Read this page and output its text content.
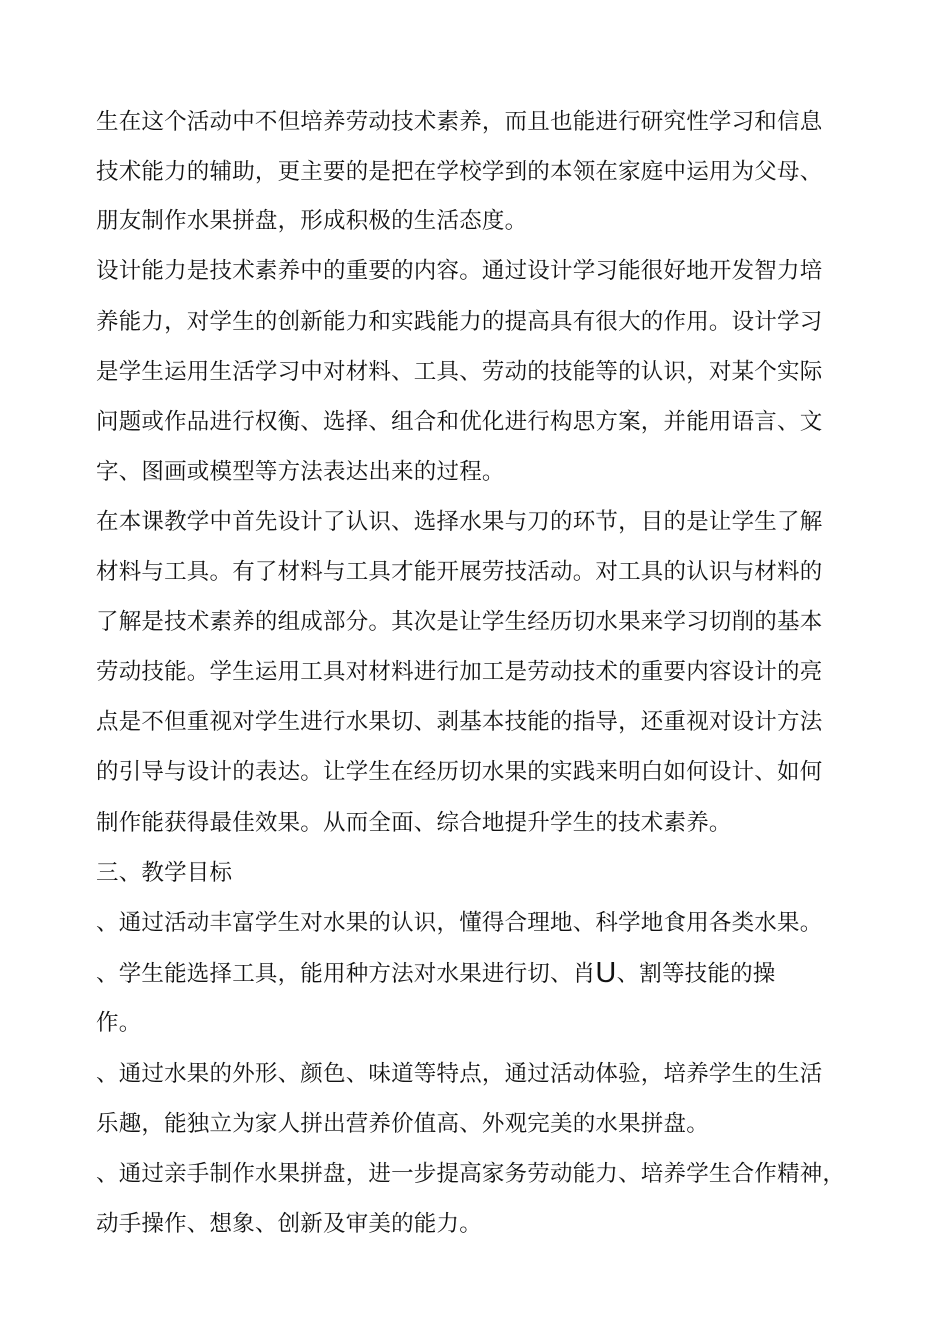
生在这个活动中不但培养劳动技术素养，而且也能进行研究性学习和信息
技术能力的辅助，更主要的是把在学校学到的本领在家庭中运用为父母、
朋友制作水果拼盘，形成积极的生活态度。
设计能力是技术素养中的重要的内容。通过设计学习能很好地开发智力培
养能力，对学生的创新能力和实践能力的提高具有很大的作用。设计学习
是学生运用生活学习中对材料、工具、劳动的技能等的认识，对某个实际
问题或作品进行权衡、选择、组合和优化进行构思方案，并能用语言、文
字、图画或模型等方法表达出来的过程。
在本课教学中首先设计了认识、选择水果与刀的环节，目的是让学生了解
材料与工具。有了材料与工具才能开展劳技活动。对工具的认识与材料的
了解是技术素养的组成部分。其次是让学生经历切水果来学习切削的基本
劳动技能。学生运用工具对材料进行加工是劳动技术的重要内容设计的亮
点是不但重视对学生进行水果切、剥基本技能的指导，还重视对设计方法
的引导与设计的表达。让学生在经历切水果的实践来明白如何设计、如何
制作能获得最佳效果。从而全面、综合地提升学生的技术素养。
三、教学目标
、通过活动丰富学生对水果的认识，懂得合理地、科学地食用各类水果。
、学生能选择工具，能用种方法对水果进行切、肖U、割等技能的操
作。
、通过水果的外形、颜色、味道等特点，通过活动体验，培养学生的生活
乐趣，能独立为家人拼出营养价值高、外观完美的水果拼盘。
、通过亲手制作水果拼盘，进一步提高家务劳动能力、培养学生合作精神，
动手操作、想象、创新及审美的能力。
